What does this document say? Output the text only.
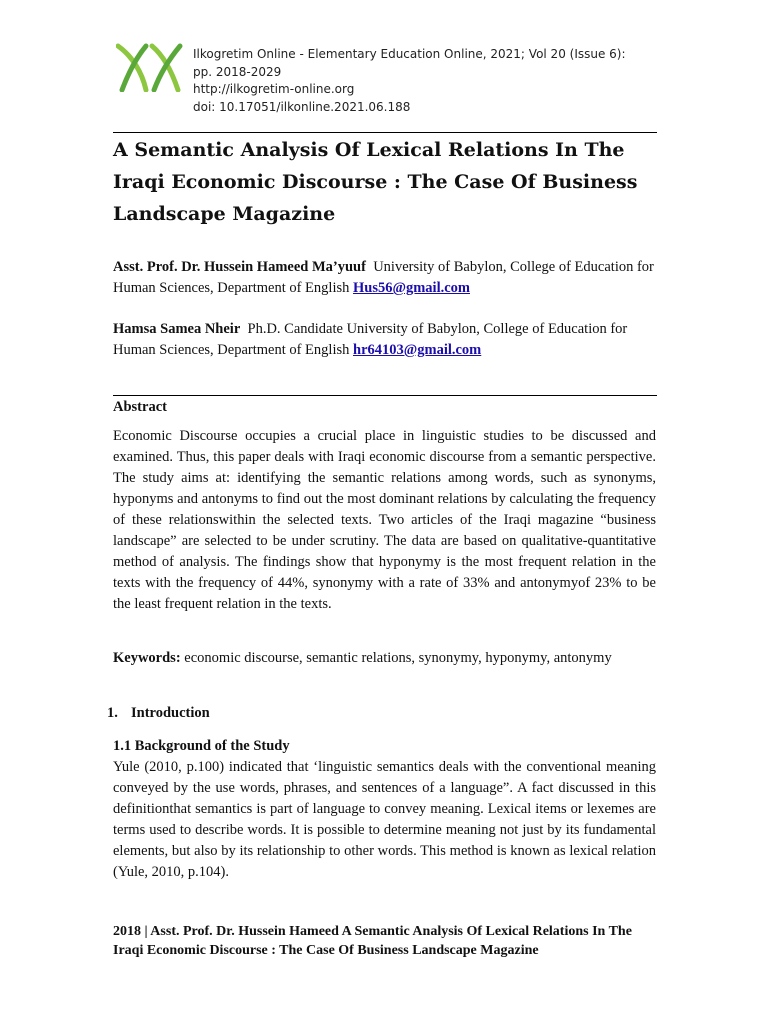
Ilkogretim Online - Elementary Education Online, 2021; Vol 20 (Issue 6):
pp. 2018-2029
http://ilkogretim-online.org
doi: 10.17051/ilkonline.2021.06.188
A Semantic Analysis Of Lexical Relations In The Iraqi Economic Discourse : The Case Of Business Landscape Magazine
Asst. Prof. Dr. Hussein Hameed Ma’yuuf University of Babylon, College of Education for Human Sciences, Department of English Hus56@gmail.com
Hamsa Samea Nheir Ph.D. Candidate University of Babylon, College of Education for Human Sciences, Department of English hr64103@gmail.com
Abstract
Economic Discourse occupies a crucial place in linguistic studies to be discussed and examined. Thus, this paper deals with Iraqi economic discourse from a semantic perspective. The study aims at: identifying the semantic relations among words, such as synonyms, hyponyms and antonyms to find out the most dominant relations by calculating the frequency of these relationswithin the selected texts. Two articles of the Iraqi magazine “business landscape” are selected to be under scrutiny. The data are based on qualitative-quantitative method of analysis. The findings show that hyponymy is the most frequent relation in the texts with the frequency of 44%, synonymy with a rate of 33% and antonymyof 23% to be the least frequent relation in the texts.
Keywords: economic discourse, semantic relations, synonymy, hyponymy, antonymy
1. Introduction
1.1 Background of the Study
Yule (2010, p.100) indicated that ‘linguistic semantics deals with the conventional meaning conveyed by the use words, phrases, and sentences of a language”. A fact discussed in this definitionthat semantics is part of language to convey meaning. Lexical items or lexemes are terms used to describe words. It is possible to determine meaning not just by its fundamental elements, but also by its relationship to other words. This method is known as lexical relation (Yule, 2010, p.104).
2018 | Asst. Prof. Dr. Hussein Hameed A Semantic Analysis Of Lexical Relations In The Iraqi Economic Discourse : The Case Of Business Landscape Magazine
